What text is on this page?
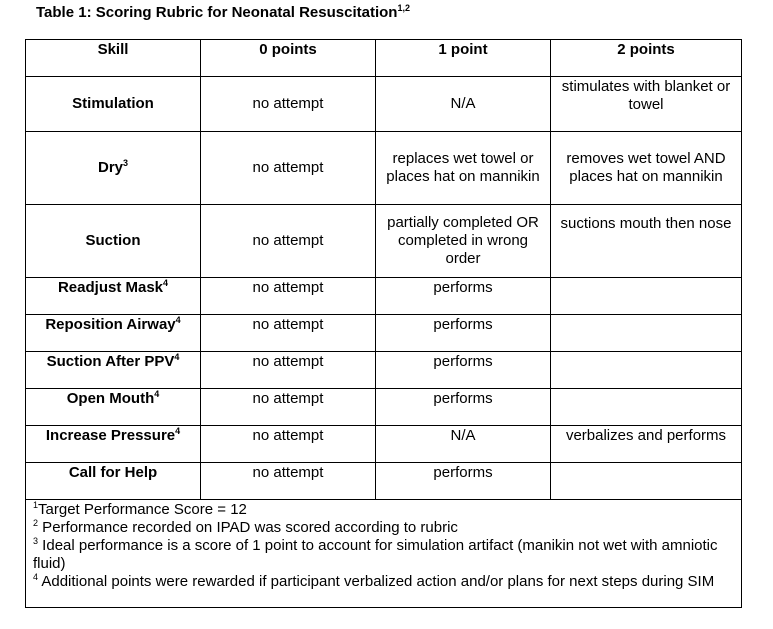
Table 1: Scoring Rubric for Neonatal Resuscitation$^{1,2}$
Skill	0 points	1 point	2 points
Stimulation	no attempt	N/A	stimulates with blanket or towel
Dry$^3$	no attempt	replaces wet towel or places hat on mannikin	removes wet towel AND places hat on mannikin
Suction	no attempt	partially completed OR completed in wrong order	suctions mouth then nose
Readjust Mask$^4$	no attempt	performs	
Reposition Airway$^4$	no attempt	performs	
Suction After PPV$^4$	no attempt	performs	
Open Mouth$^4$	no attempt	performs	
Increase Pressure$^4$	no attempt	N/A	verbalizes and performs
Call for Help	no attempt	performs	

$^1$Target Performance Score = 12
$^2$ Performance recorded on IPAD was scored according to rubric
$^3$ Ideal performance is a score of 1 point to account for simulation artifact (manikin not wet with amniotic fluid)
$^4$ Additional points were rewarded if participant verbalized action and/or plans for next steps during SIM			
